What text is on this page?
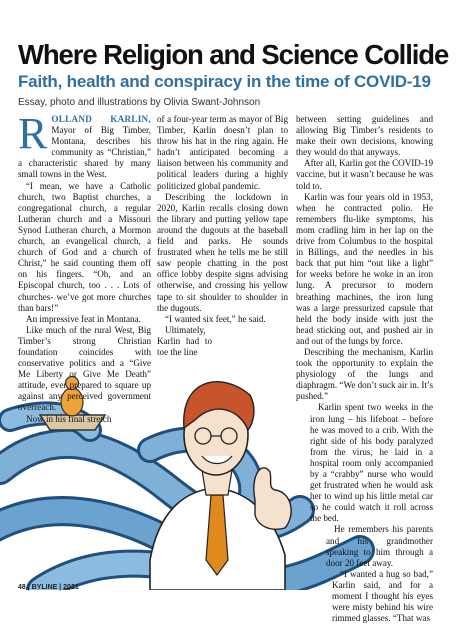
Where Religion and Science Collide
Faith, health and conspiracy in the time of COVID-19

Essay, photo and illustrations by Olivia Swant-Johnson

ROLLAND KARLIN, Mayor of Big Timber, Montana, describes his community as “Christian,” a characteristic shared by many small towns in the West.

“I mean, we have a Catholic church, two Baptist churches, a congregational church, a regular Lutheran church and a Missouri Synod Lutheran church, a Mormon church, an evangelical church, a church of God and a church of Christ,” he said counting them off on his fingers. “Oh, and an Episcopal church, too . . . Lots of churches- we’ve got more churches than bars!”

An impressive feat in Montana.

Like much of the rural West, Big Timber’s strong Christian foundation coincides with conservative politics and a “Give Me Liberty or Give Me Death” attitude, ever prepared to square up against any perceived government overreach.

Now in his final stretch

of a four-year term as mayor of Big Timber, Karlin doesn’t plan to throw his hat in the ring again. He hadn’t anticipated becoming a liaison between his community and political leaders during a highly politicized global pandemic.

Describing the lockdown in 2020, Karlin recalls closing down the library and putting yellow tape around the dugouts at the baseball field and parks. He sounds frustrated when he tells me he still saw people chatting in the post office lobby despite signs advising otherwise, and crossing his yellow tape to sit shoulder to shoulder in the dugouts.

“I wanted six feet,” he said.

Ultimately, Karlin had to toe the line

between setting guidelines and allowing Big Timber’s residents to make their own decisions, knowing they would do that anyways.

After all, Karlin got the COVID-19 vaccine, but it wasn’t because he was told to.

Karlin was four years old in 1953, when he contracted polio. He remembers flu-like symptoms, his mom cradling him in her lap on the drive from Columbus to the hospital in Billings, and the needles in his back that put him “out like a light” for weeks before he woke in an iron lung. A precursor to modern breathing machines, the iron lung was a large pressurized capsule that held the body inside with just the head sticking out, and pushed air in and out of the lungs by force.

Describing the mechanism, Karlin took the opportunity to explain the physiology of the lungs and diaphragm. “We don’t suck air in. It’s pushed.”

Karlin spent two weeks in the iron lung – his lifeboat – before he was moved to a crib. With the right side of his body paralyzed from the virus, he laid in a hospital room only accompanied by a “crabby” nurse who would get frustrated when he would ask her to wind up his little metal car so he could watch it roll across the bed.

He remembers his parents and his grandmother speaking to him through a door 20 feet away.

“I wanted a hug so bad,” Karlin said, and for a moment I thought his eyes were misty behind his wire rimmed glasses. “That was

48 | BYLINE | 2021
